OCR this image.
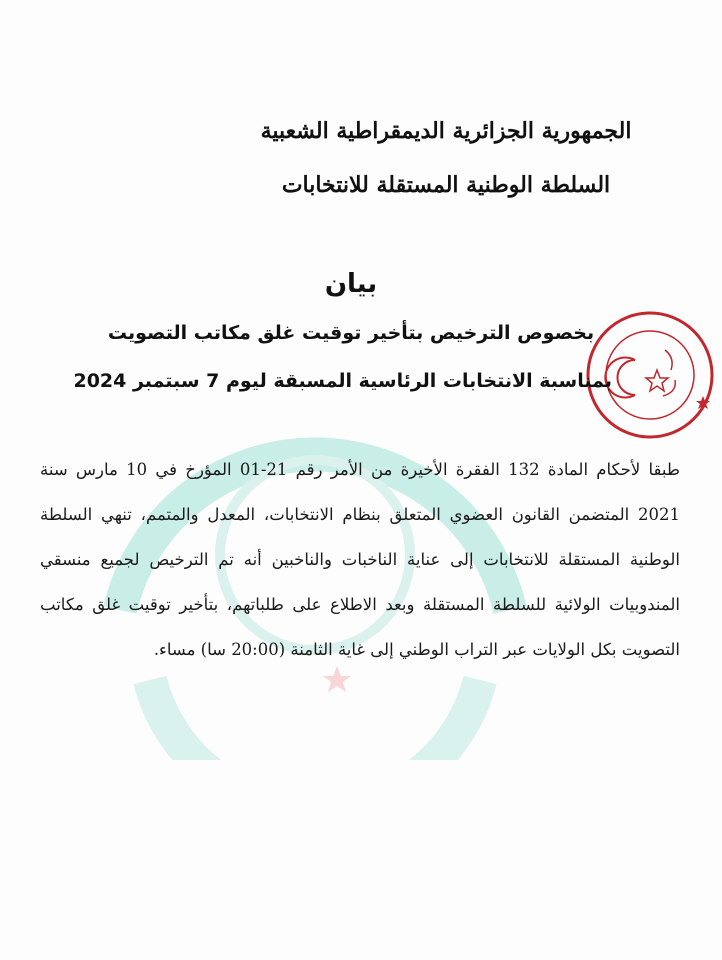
الجمهورية الجزائرية الديمقراطية الشعبية
السلطة الوطنية المستقلة للانتخابات
بيان
بخصوص الترخيص بتأخير توقيت غلق مكاتب التصويت
بمناسبة الانتخابات الرئاسية المسبقة ليوم 7 سبتمبر 2024

طبقا لأحكام المادة 132 الفقرة الأخيرة من الأمر رقم 21-01 المؤرخ في 10 مارس سنة 2021 المتضمن القانون العضوي المتعلق بنظام الانتخابات، المعدل والمتمم، تنهي السلطة الوطنية المستقلة للانتخابات إلى عناية الناخبات والناخبين أنه تم الترخيص لجميع منسقي المندوبيات الولائية للسلطة المستقلة وبعد الاطلاع على طلباتهم، بتأخير توقيت غلق مكاتب التصويت بكل الولايات عبر التراب الوطني إلى غاية الثامنة (20:00 سا) مساء.
